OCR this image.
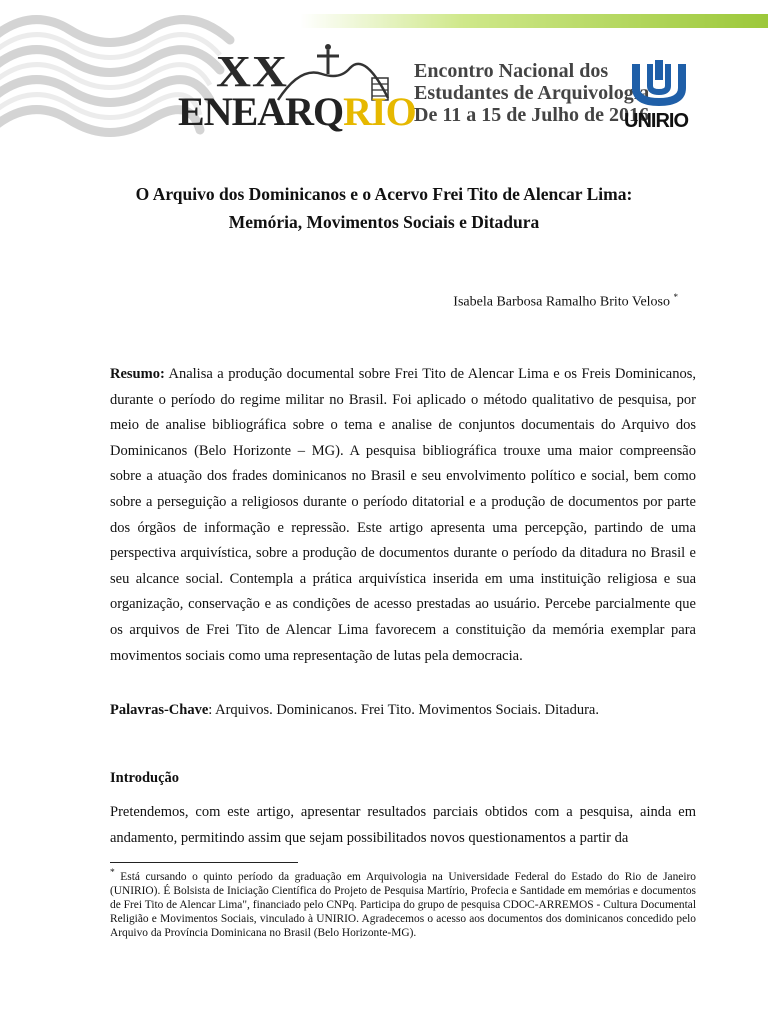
XX
ENEARQRIO
Encontro Nacional dos
Estudantes de Arquivologia
De 11 a 15 de Julho de 2016
UNIRIO
O Arquivo dos Dominicanos e o Acervo Frei Tito de Alencar Lima:
Memória, Movimentos Sociais e Ditadura
Isabela Barbosa Ramalho Brito Veloso *
Resumo: Analisa a produção documental sobre Frei Tito de Alencar Lima e os Freis Dominicanos, durante o período do regime militar no Brasil. Foi aplicado o método qualitativo de pesquisa, por meio de analise bibliográfica sobre o tema e analise de conjuntos documentais do Arquivo dos Dominicanos (Belo Horizonte – MG). A pesquisa bibliográfica trouxe uma maior compreensão sobre a atuação dos frades dominicanos no Brasil e seu envolvimento político e social, bem como sobre a perseguição a religiosos durante o período ditatorial e a produção de documentos por parte dos órgãos de informação e repressão. Este artigo apresenta uma percepção, partindo de uma perspectiva arquivística, sobre a produção de documentos durante o período da ditadura no Brasil e seu alcance social. Contempla a prática arquivística inserida em uma instituição religiosa e sua organização, conservação e as condições de acesso prestadas ao usuário. Percebe parcialmente que os arquivos de Frei Tito de Alencar Lima favorecem a constituição da memória exemplar para movimentos sociais como uma representação de lutas pela democracia.
Palavras-Chave: Arquivos. Dominicanos. Frei Tito. Movimentos Sociais. Ditadura.
Introdução
Pretendemos, com este artigo, apresentar resultados parciais obtidos com a pesquisa, ainda em andamento, permitindo assim que sejam possibilitados novos questionamentos a partir da
* Está cursando o quinto período da graduação em Arquivologia na Universidade Federal do Estado do Rio de Janeiro (UNIRIO). É Bolsista de Iniciação Científica do Projeto de Pesquisa Martírio, Profecia e Santidade em memórias e documentos de Frei Tito de Alencar Lima", financiado pelo CNPq. Participa do grupo de pesquisa CDOC-ARREMOS - Cultura Documental Religião e Movimentos Sociais, vinculado à UNIRIO. Agradecemos o acesso aos documentos dos dominicanos concedido pelo Arquivo da Província Dominicana no Brasil (Belo Horizonte-MG).
